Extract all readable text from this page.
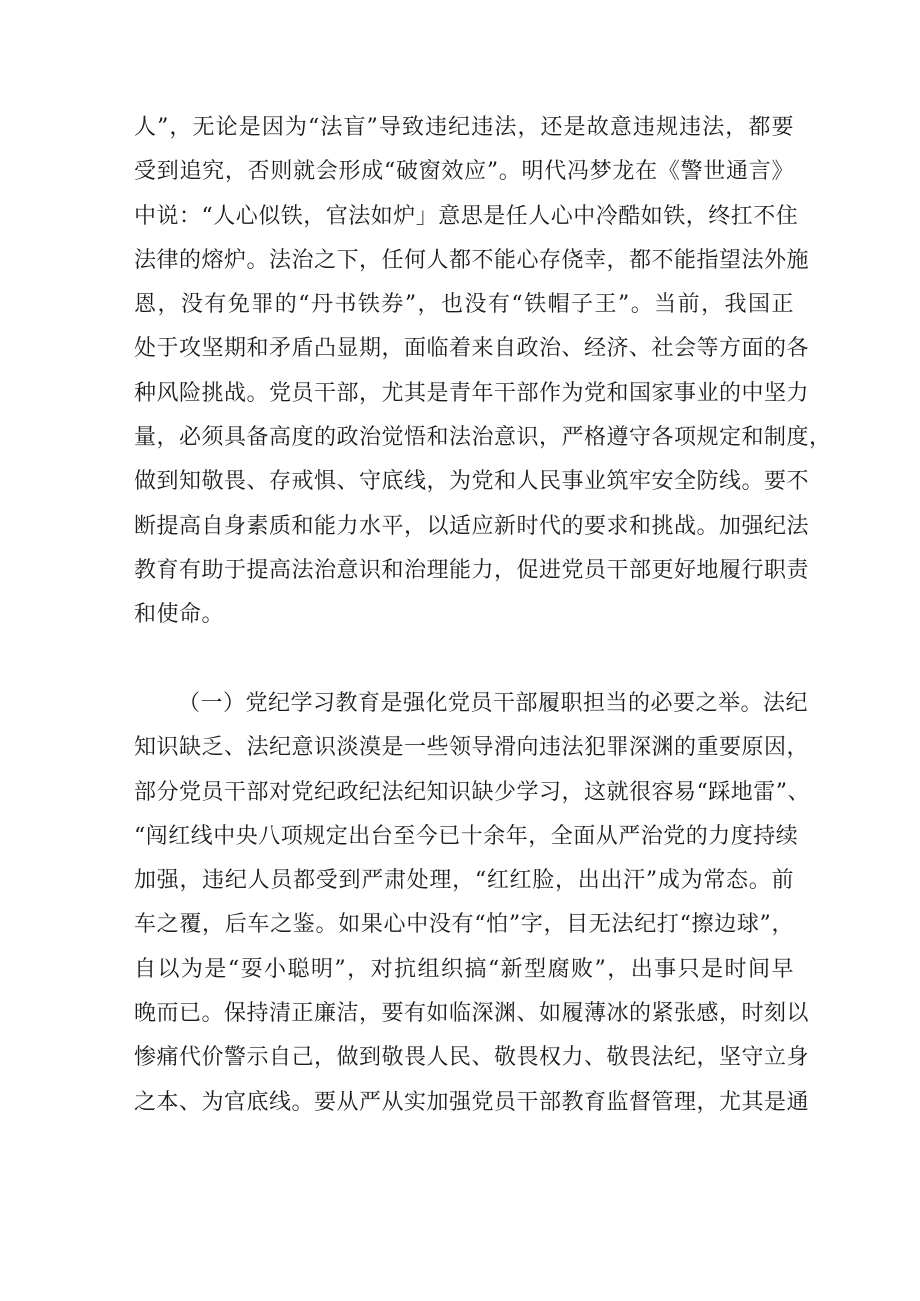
人”，无论是因为“法盲”导致违纪违法，还是故意违规违法，都要
受到追究，否则就会形成“破窗效应”。明代冯梦龙在《警世通言》
中说：“人心似铁，官法如炉」意思是任人心中冷酷如铁，终扛不住
法律的熔炉。法治之下，任何人都不能心存侥幸，都不能指望法外施
恩，没有免罪的“丹书铁券”，也没有“铁帽子王”。当前，我国正
处于攻坚期和矛盾凸显期，面临着来自政治、经济、社会等方面的各
种风险挑战。党员干部，尤其是青年干部作为党和国家事业的中坚力
量，必须具备高度的政治觉悟和法治意识，严格遵守各项规定和制度，
做到知敬畏、存戒惧、守底线，为党和人民事业筑牢安全防线。要不
断提高自身素质和能力水平，以适应新时代的要求和挑战。加强纪法
教育有助于提高法治意识和治理能力，促进党员干部更好地履行职责
和使命。
（一）党纪学习教育是强化党员干部履职担当的必要之举。法纪
知识缺乏、法纪意识淡漠是一些领导滑向违法犯罪深渊的重要原因，
部分党员干部对党纪政纪法纪知识缺少学习，这就很容易“踩地雷”、
“闯红线中央八项规定出台至今已十余年，全面从严治党的力度持续
加强，违纪人员都受到严肃处理，“红红脸，出出汗”成为常态。前
车之覆，后车之鉴。如果心中没有“怕”字，目无法纪打“擦边球”，
自以为是“耍小聪明”，对抗组织搞“新型腐败”，出事只是时间早
晚而已。保持清正廉洁，要有如临深渊、如履薄冰的紧张感，时刻以
惨痛代价警示自己，做到敬畏人民、敬畏权力、敬畏法纪，坚守立身
之本、为官底线。要从严从实加强党员干部教育监督管理，尤其是通
